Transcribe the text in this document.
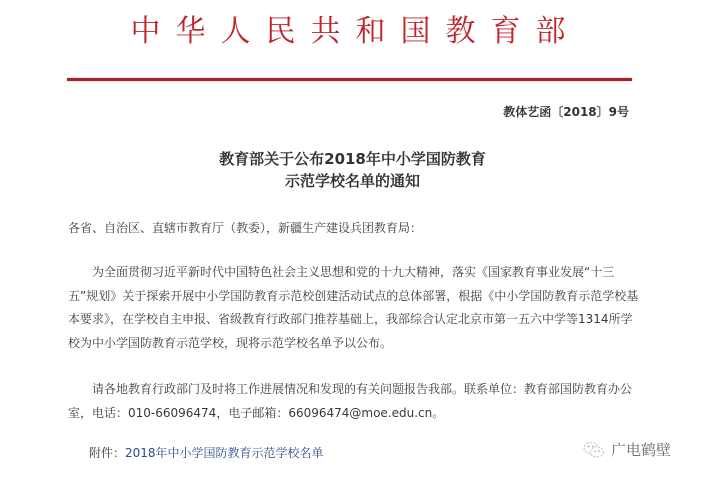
中华人民共和国教育部
教体艺函〔2018〕9号
教育部关于公布2018年中小学国防教育
示范学校名单的通知
各省、自治区、直辖市教育厅（教委），新疆生产建设兵团教育局：
为全面贯彻习近平新时代中国特色社会主义思想和党的十九大精神，落实《国家教育事业发展“十三五”规划》关于探索开展中小学国防教育示范校创建活动试点的总体部署，根据《中小学国防教育示范学校基本要求》，在学校自主申报、省级教育行政部门推荐基础上，我部综合认定北京市第一五六中学等1314所学校为中小学国防教育示范学校，现将示范学校名单予以公布。
请各地教育行政部门及时将工作进展情况和发现的有关问题报告我部。联系单位：教育部国防教育办公室，电话：010-66096474，电子邮箱：66096474@moe.edu.cn。
附件：2018年中小学国防教育示范学校名单	广电鹤壁
